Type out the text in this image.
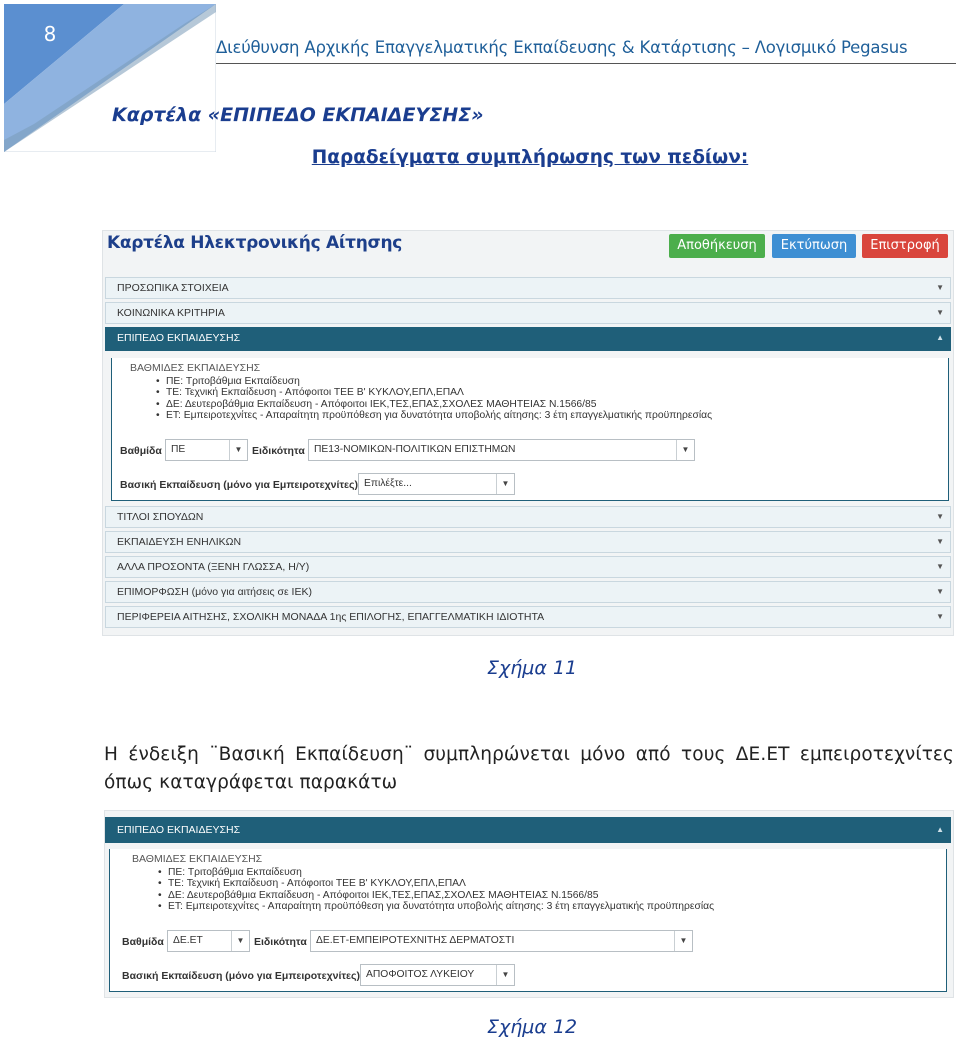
8
Διεύθυνση Αρχικής Επαγγελματικής Εκπαίδευσης & Κατάρτισης – Λογισμικό Pegasus
Καρτέλα «ΕΠΙΠΕΔΟ ΕΚΠΑΙΔΕΥΣΗΣ»
Παραδείγματα συμπλήρωσης των πεδίων:
Καρτέλα Ηλεκτρονικής Αίτησης	Αποθήκευση	Εκτύπωση	Επιστροφή
ΠΡΟΣΩΠΙΚΑ ΣΤΟΙΧΕΙΑ	▼
ΚΟΙΝΩΝΙΚΑ ΚΡΙΤΗΡΙΑ	▼
ΕΠΙΠΕΔΟ ΕΚΠΑΙΔΕΥΣΗΣ	▲
ΒΑΘΜΙΔΕΣ ΕΚΠΑΙΔΕΥΣΗΣ
• ΠΕ: Τριτοβάθμια Εκπαίδευση
• ΤΕ: Τεχνική Εκπαίδευση - Απόφοιτοι ΤΕΕ Β' ΚΥΚΛΟΥ,ΕΠΛ,ΕΠΑΛ
• ΔΕ: Δευτεροβάθμια Εκπαίδευση - Απόφοιτοι ΙΕΚ,ΤΕΣ,ΕΠΑΣ,ΣΧΟΛΕΣ ΜΑΘΗΤΕΙΑΣ Ν.1566/85
• ΕΤ: Εμπειροτεχνίτες - Απαραίτητη προϋπόθεση για δυνατότητα υποβολής αίτησης: 3 έτη επαγγελματικής προϋπηρεσίας
Βαθμίδα ΠΕ	▼ Ειδικότητα ΠΕ13-ΝΟΜΙΚΩΝ-ΠΟΛΙΤΙΚΩΝ ΕΠΙΣΤΗΜΩΝ	▼
Βασική Εκπαίδευση (μόνο για Εμπειροτεχνίτες) Επιλέξτε...	▼
ΤΙΤΛΟΙ ΣΠΟΥΔΩΝ	▼
ΕΚΠΑΙΔΕΥΣΗ ΕΝΗΛΙΚΩΝ	▼
ΑΛΛΑ ΠΡΟΣΟΝΤΑ (ΞΕΝΗ ΓΛΩΣΣΑ, Η/Υ)	▼
ΕΠΙΜΟΡΦΩΣΗ (μόνο για αιτήσεις σε ΙΕΚ)	▼
ΠΕΡΙΦΕΡΕΙΑ ΑΙΤΗΣΗΣ, ΣΧΟΛΙΚΗ ΜΟΝΑΔΑ 1ης ΕΠΙΛΟΓΗΣ, ΕΠΑΓΓΕΛΜΑΤΙΚΗ ΙΔΙΟΤΗΤΑ	▼
Σχήμα 11
Η ένδειξη ¨Βασική Εκπαίδευση¨ συμπληρώνεται μόνο από τους ΔΕ.ΕΤ εμπειροτεχνίτες όπως καταγράφεται παρακάτω
ΕΠΙΠΕΔΟ ΕΚΠΑΙΔΕΥΣΗΣ	▲
ΒΑΘΜΙΔΕΣ ΕΚΠΑΙΔΕΥΣΗΣ
• ΠΕ: Τριτοβάθμια Εκπαίδευση
• ΤΕ: Τεχνική Εκπαίδευση - Απόφοιτοι ΤΕΕ Β' ΚΥΚΛΟΥ,ΕΠΛ,ΕΠΑΛ
• ΔΕ: Δευτεροβάθμια Εκπαίδευση - Απόφοιτοι ΙΕΚ,ΤΕΣ,ΕΠΑΣ,ΣΧΟΛΕΣ ΜΑΘΗΤΕΙΑΣ Ν.1566/85
• ΕΤ: Εμπειροτεχνίτες - Απαραίτητη προϋπόθεση για δυνατότητα υποβολής αίτησης: 3 έτη επαγγελματικής προϋπηρεσίας
Βαθμίδα ΔΕ.ΕΤ	▼ Ειδικότητα ΔΕ.ΕΤ-ΕΜΠΕΙΡΟΤΕΧΝΙΤΗΣ ΔΕΡΜΑΤΟΣΤΙ	▼
Βασική Εκπαίδευση (μόνο για Εμπειροτεχνίτες) ΑΠΟΦΟΙΤΟΣ ΛΥΚΕΙΟΥ	▼
Σχήμα 12
